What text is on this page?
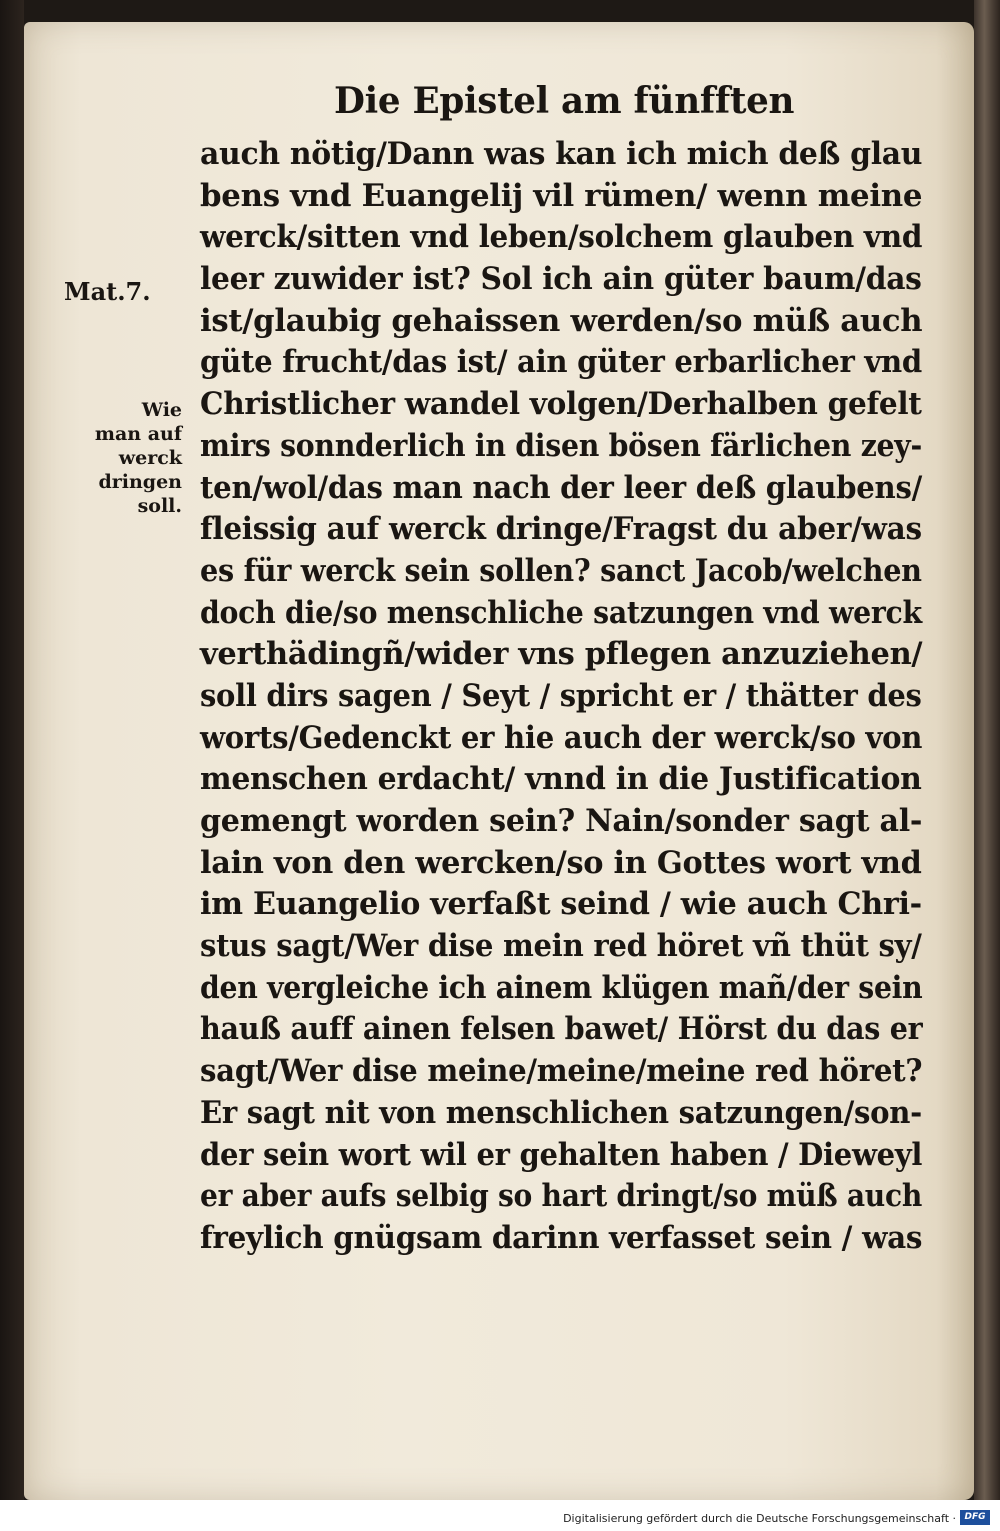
Die Epistel am fünfften
Mat.7.
Wie
man auf
werck
dringen
soll.
auch nötig/Dann was kan ich mich deß glau
bens vnd Euangelij vil rümen/ wenn meine
werck/sitten vnd leben/solchem glauben vnd
leer zuwider ist? Sol ich ain güter baum/das
ist/glaubig gehaissen werden/so müß auch
güte frucht/das ist/ ain güter erbarlicher vnd
Christlicher wandel volgen/Derhalben gefelt
mirs sonnderlich in disen bösen färlichen zey-
ten/wol/das man nach der leer deß glaubens/
fleissig auf werck dringe/Fragst du aber/was
es für werck sein sollen? sanct Jacob/welchen
doch die/so menschliche satzungen vnd werck
verthädingñ/wider vns pflegen anzuziehen/
soll dirs sagen / Seyt / spricht er / thätter des
worts/Gedenckt er hie auch der werck/so von
menschen erdacht/ vnnd in die Justification
gemengt worden sein? Nain/sonder sagt al-
lain von den wercken/so in Gottes wort vnd
im Euangelio verfaßt seind / wie auch Chri-
stus sagt/Wer dise mein red höret vñ thüt sy/
den vergleiche ich ainem klügen mañ/der sein
hauß auff ainen felsen bawet/ Hörst du das er
sagt/Wer dise meine/meine/meine red höret?
Er sagt nit von menschlichen satzungen/son-
der sein wort wil er gehalten haben / Dieweyl
er aber aufs selbig so hart dringt/so müß auch
freylich gnügsam darinn verfasset sein / was
Digitalisierung gefördert durch die Deutsche Forschungsgemeinschaft · DFG
